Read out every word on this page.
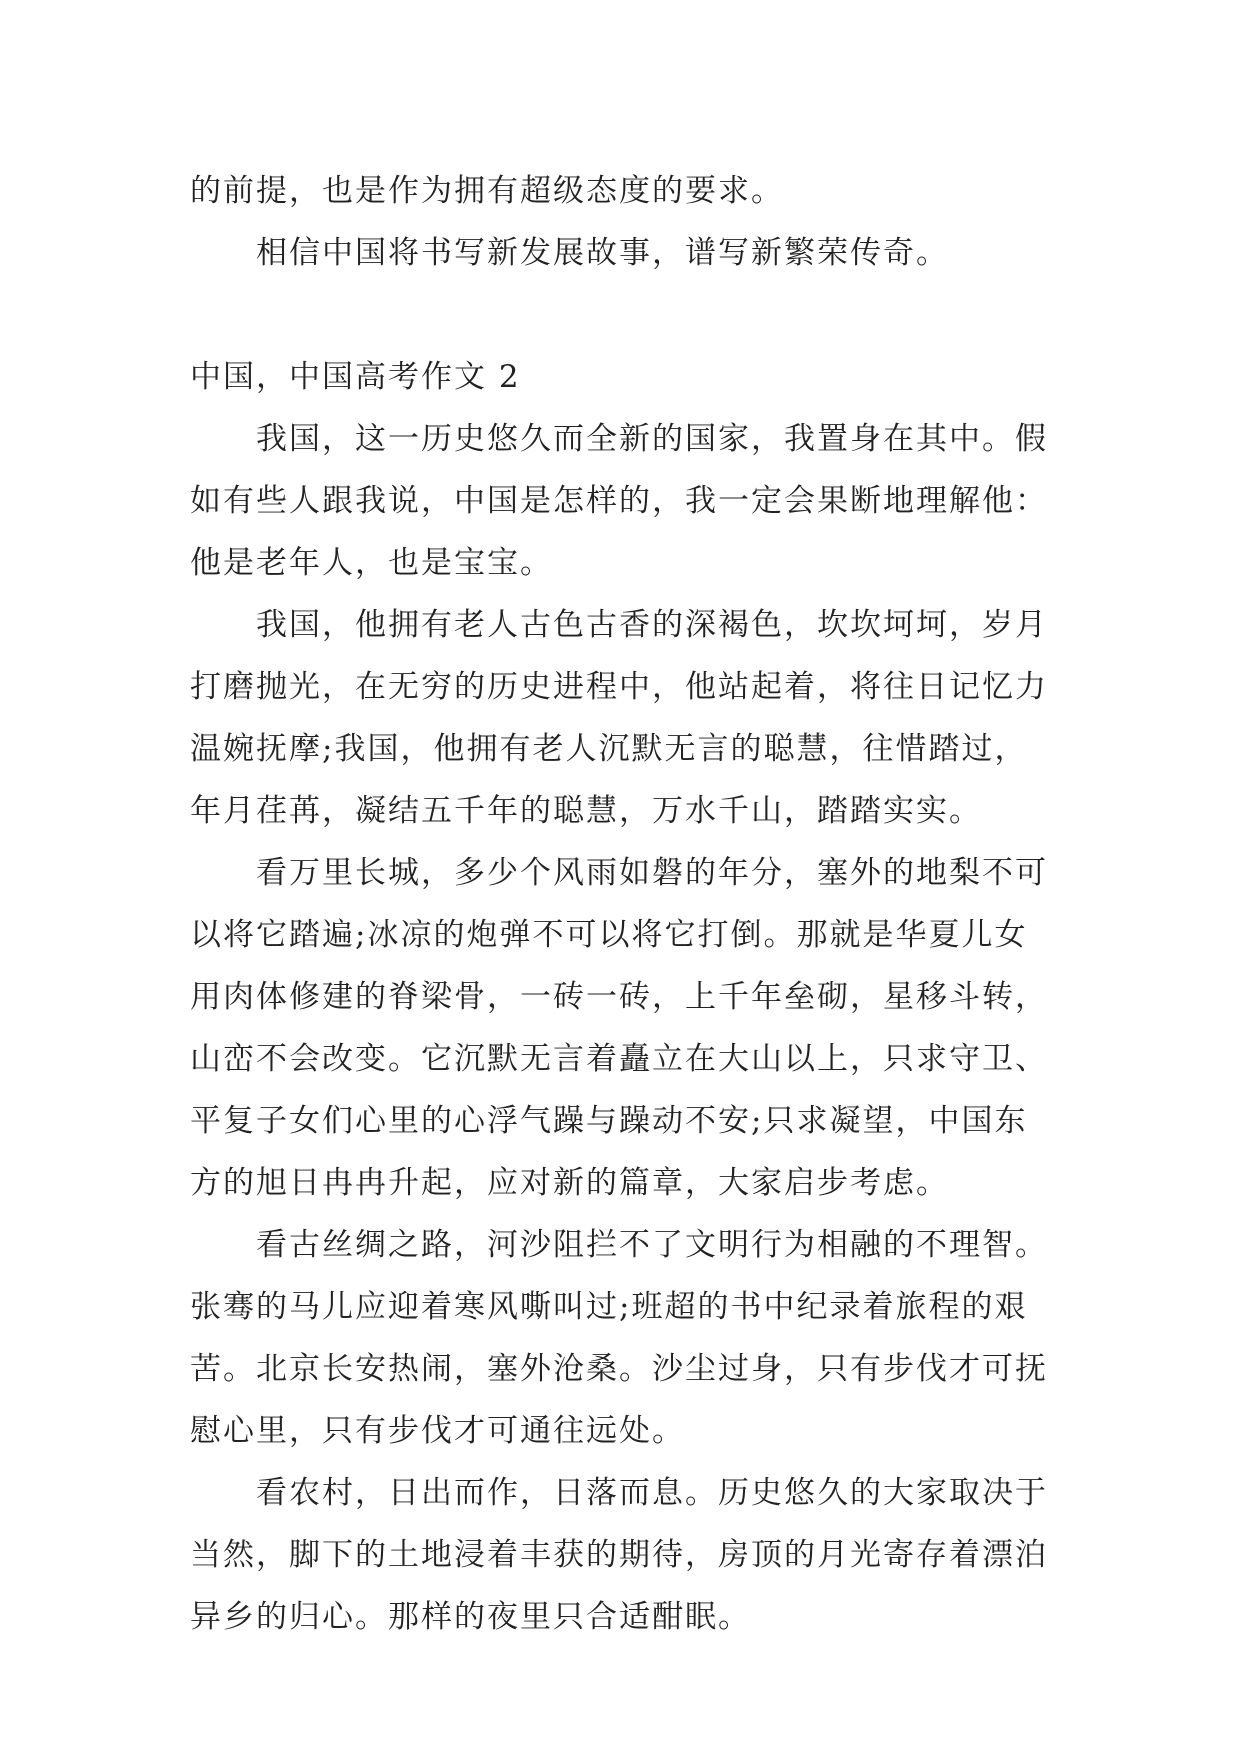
的前提，也是作为拥有超级态度的要求。
相信中国将书写新发展故事，谱写新繁荣传奇。
中国，中国高考作文 2
我国，这一历史悠久而全新的国家，我置身在其中。假
如有些人跟我说，中国是怎样的，我一定会果断地理解他：
他是老年人，也是宝宝。
我国，他拥有老人古色古香的深褐色，坎坎坷坷，岁月
打磨抛光，在无穷的历史进程中，他站起着，将往日记忆力
温婉抚摩;我国，他拥有老人沉默无言的聪慧，往惜踏过，
年月荏苒，凝结五千年的聪慧，万水千山，踏踏实实。
看万里长城，多少个风雨如磐的年分，塞外的地梨不可
以将它踏遍;冰凉的炮弹不可以将它打倒。那就是华夏儿女
用肉体修建的脊梁骨，一砖一砖，上千年垒砌，星移斗转，
山峦不会改变。它沉默无言着矗立在大山以上，只求守卫、
平复子女们心里的心浮气躁与躁动不安;只求凝望，中国东
方的旭日冉冉升起，应对新的篇章，大家启步考虑。
看古丝绸之路，河沙阻拦不了文明行为相融的不理智。
张骞的马儿应迎着寒风嘶叫过;班超的书中纪录着旅程的艰
苦。北京长安热闹，塞外沧桑。沙尘过身，只有步伐才可抚
慰心里，只有步伐才可通往远处。
看农村，日出而作，日落而息。历史悠久的大家取决于
当然，脚下的土地浸着丰获的期待，房顶的月光寄存着漂泊
异乡的归心。那样的夜里只合适酣眠。
